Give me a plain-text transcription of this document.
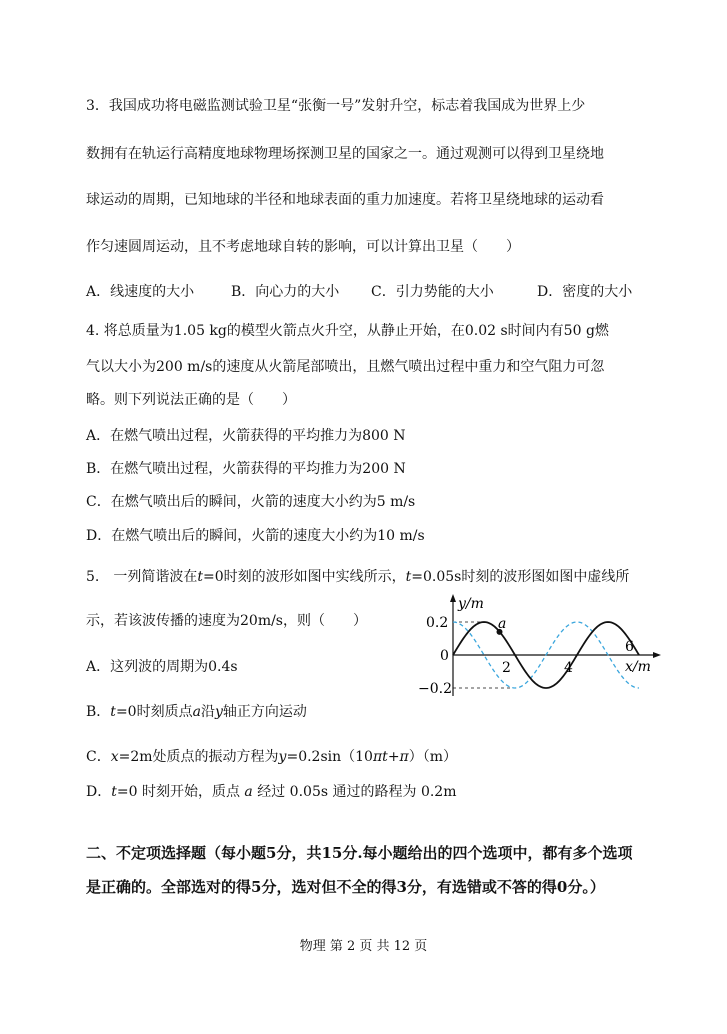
3．我国成功将电磁监测试验卫星“张衡一号”发射升空，标志着我国成为世界上少
数拥有在轨运行高精度地球物理场探测卫星的国家之一。通过观测可以得到卫星绕地
球运动的周期，已知地球的半径和地球表面的重力加速度。若将卫星绕地球的运动看
作匀速圆周运动，且不考虑地球自转的影响，可以计算出卫星（　　）
A．线速度的大小	B．向心力的大小 C．引力势能的大小	D．密度的大小
4. 将总质量为1.05 kg的模型火箭点火升空，从静止开始，在0.02 s时间内有50 g燃
气以大小为200 m/s的速度从火箭尾部喷出，且燃气喷出过程中重力和空气阻力可忽
略。则下列说法正确的是（　　）
A．在燃气喷出过程，火箭获得的平均推力为800 N
B．在燃气喷出过程，火箭获得的平均推力为200 N
C．在燃气喷出后的瞬间，火箭的速度大小约为5 m/s
D．在燃气喷出后的瞬间，火箭的速度大小约为10 m/s
5.　一列简谐波在t=0时刻的波形如图中实线所示，t=0.05s时刻的波形图如图中虚线所
示，若该波传播的速度为20m/s，则（　　）
A．这列波的周期为0.4s
B．t=0时刻质点a沿y轴正方向运动
C．x=2m处质点的振动方程为y=0.2sin（10πt+π）（m）
D．t=0 时刻开始，质点 a 经过 0.05s 通过的路程为 0.2m
a
y/m
x/m
0.2
0
−0.2
2	4
6
二、不定项选择题（每小题5分，共15分.每小题给出的四个选项中，都有多个选项
是正确的。全部选对的得5分，选对但不全的得3分，有选错或不答的得0分。）
物理 第 2 页 共 12 页
